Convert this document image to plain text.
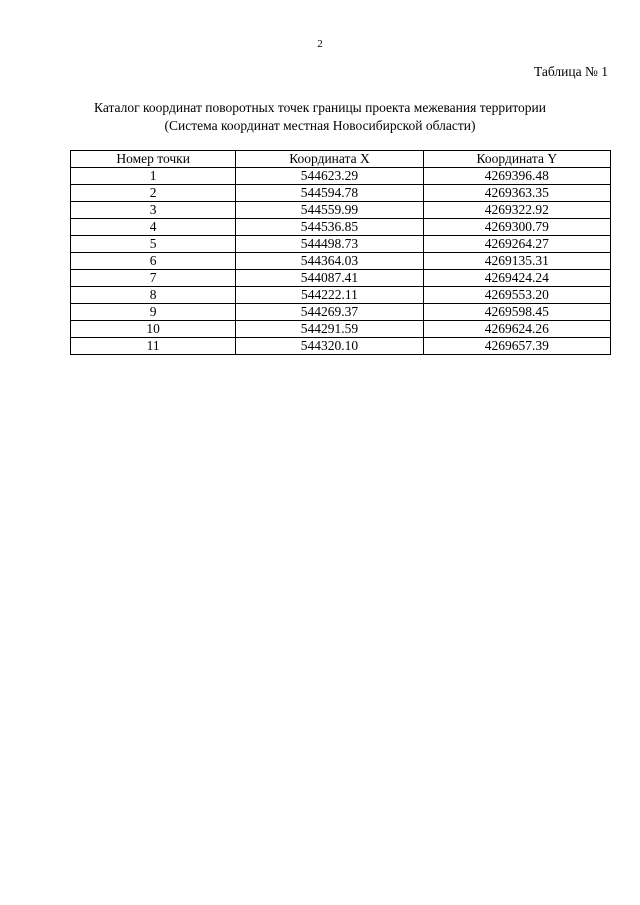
2
Таблица № 1
Каталог координат поворотных точек границы проекта межевания территории
(Система координат местная Новосибирской области)
Номер точки	Координата X	Координата Y
1	544623.29	4269396.48
2	544594.78	4269363.35
3	544559.99	4269322.92
4	544536.85	4269300.79
5	544498.73	4269264.27
6	544364.03	4269135.31
7	544087.41	4269424.24
8	544222.11	4269553.20
9	544269.37	4269598.45
10	544291.59	4269624.26
11	544320.10	4269657.39
